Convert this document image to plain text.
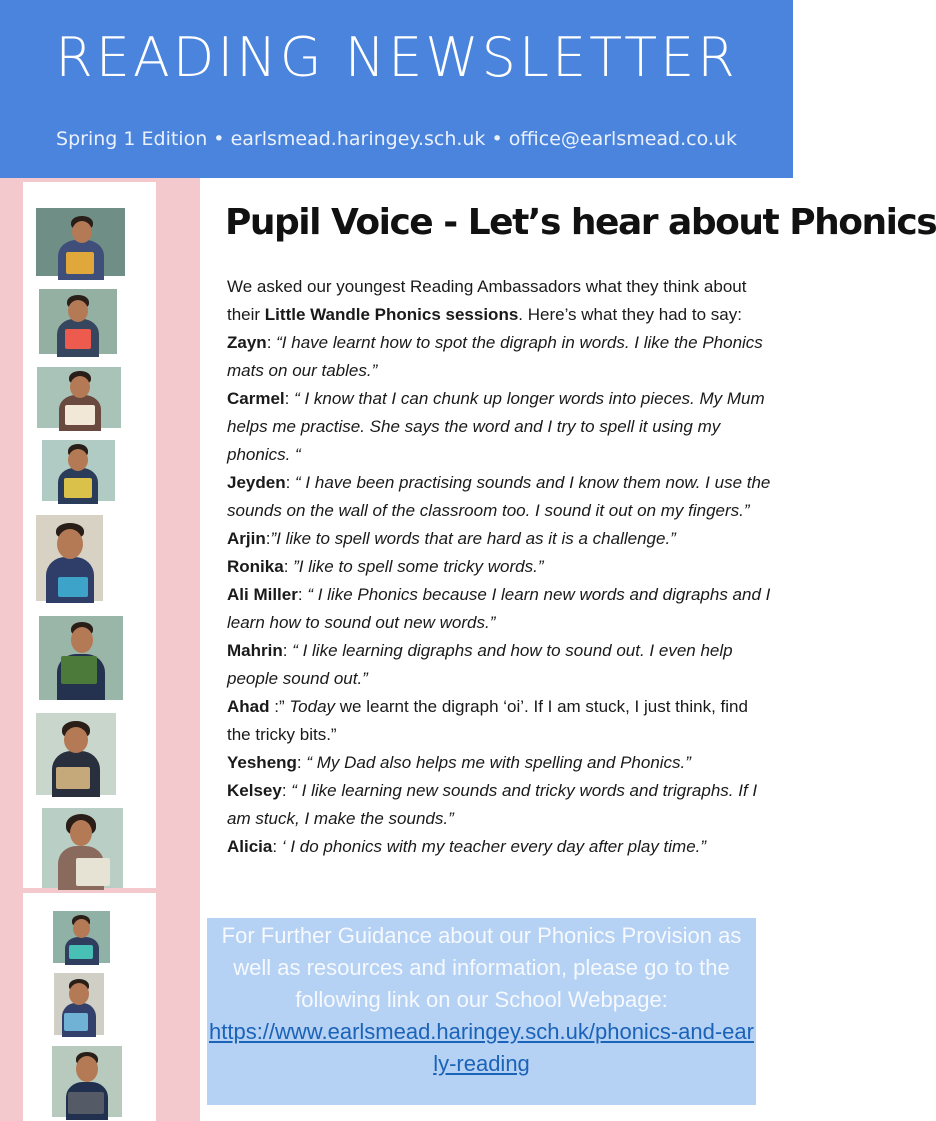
READING NEWSLETTER
Spring 1 Edition • earlsmead.haringey.sch.uk • office@earlsmead.co.uk
Pupil Voice - Let’s hear about Phonics

We asked our youngest Reading Ambassadors what they think about their Little Wandle Phonics sessions. Here’s what they had to say:

Zayn: “I have learnt how to spot the digraph in words. I like the Phonics mats on our tables.”

Carmel: “ I know that I can chunk up longer words into pieces. My Mum helps me practise. She says the word and I try to spell it using my phonics. “

Jeyden: “ I have been practising sounds and I know them now. I use the sounds on the wall of the classroom too. I sound it out on my fingers.”

Arjin:”I like to spell words that are hard as it is a challenge.”

Ronika: ”I like to spell some tricky words.”

Ali Miller: “ I like Phonics because I learn new words and digraphs and I learn how to sound out new words.”

Mahrin: “ I like learning digraphs and how to sound out. I even help people sound out.”

Ahad :” Today we learnt the digraph ‘oi’. If I am stuck, I just think, find the tricky bits.”

Yesheng: “ My Dad also helps me with spelling and Phonics.”

Kelsey: “ I like learning new sounds and tricky words and trigraphs. If I am stuck, I make the sounds.”

Alicia: ‘ I do phonics with my teacher every day after play time.”

For Further Guidance about our Phonics Provision as well as resources and information, please go to the following link on our School Webpage:
https://www.earlsmead.haringey.sch.uk/phonics-and-early-reading
